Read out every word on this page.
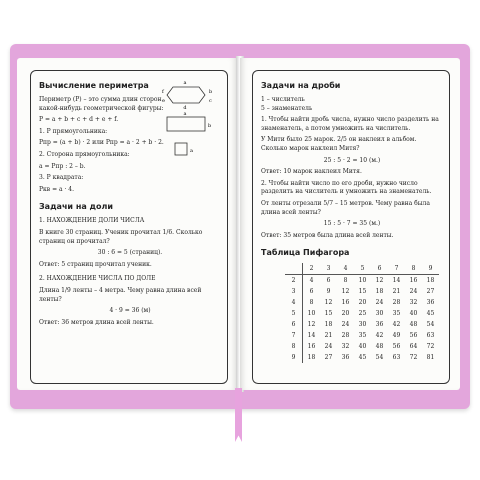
Вычисление периметра
Периметр (P) – это сумма длин сторон какой-нибудь геометрической фигуры:
P = a + b + c + d + e + f.
1. P прямоугольника:
Pпр = (a + b) · 2 или Pпр = a · 2 + b · 2.
2. Сторона прямоугольника:
a = Pпр : 2 – b.
3. P квадрата:
Pкв = a · 4.
Задачи на доли
1. НАХОЖДЕНИЕ ДОЛИ ЧИСЛА
В книге 30 страниц. Ученик прочитал 1/6. Сколько страниц он прочитал?
30 : 6 = 5 (страниц).
Ответ: 5 страниц прочитал ученик.
2. НАХОЖДЕНИЕ ЧИСЛА ПО ДОЛЕ
Длина 1/9 ленты – 4 метра. Чему равна длина всей ленты?
4 · 9 = 36 (м)
Ответ: 36 метров длина всей ленты.
a
b
c
d
e
f
a
b
a
Задачи на дроби
1 – числитель
5 – знаменатель
1. Чтобы найти дробь числа, нужно число разделить на знаменатель, а потом умножить на числитель.
У Мити было 25 марок. 2/5 он наклеил в альбом. Сколько марок наклеил Митя?
25 : 5 · 2 = 10 (м.)
Ответ: 10 марок наклеил Митя.
2. Чтобы найти число по его дроби, нужно число разделить на числитель и умножить на знаменатель.
От ленты отрезали 5/7 – 15 метров. Чему равна была длина всей ленты?
15 : 5 · 7 = 35 (м.)
Ответ: 35 метров была длина всей ленты.
Таблица Пифагора
	2	3	4	5	6	7	8	9
2	4	6	8	10	12	14	16	18
3	6	9	12	15	18	21	24	27
4	8	12	16	20	24	28	32	36
5	10	15	20	25	30	35	40	45
6	12	18	24	30	36	42	48	54
7	14	21	28	35	42	49	56	63
8	16	24	32	40	48	56	64	72
9	18	27	36	45	54	63	72	81
